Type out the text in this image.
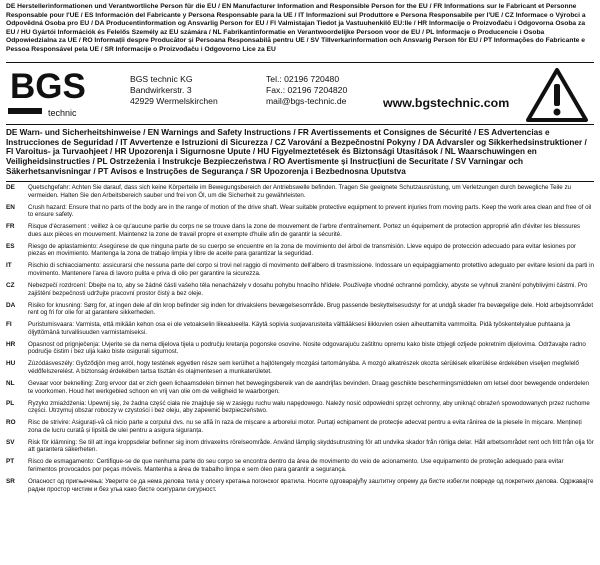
DE Herstellerinformationen und Verantwortliche Person für die EU / EN Manufacturer Information and Responsible Person for the EU / FR Informations sur le Fabricant et Personne Responsable pour l'UE / ES Información del Fabricante y Persona Responsable para la UE / IT Informazioni sul Produttore e Persona Responsabile per l'UE / CZ Informace o Výrobci a Odpovědná Osoba pro EU / DA Producentinformation og Ansvarlig Person for EU / FI Valmistajan Tiedot ja Vastuuhenkilö EU:lle / HR Informacije o Proizvođaču i Odgovorna Osoba za EU / HU Gyártói Információk és Felelős Személy az EU számára / NL Fabrikantinformatie en Verantwoordelijke Persoon voor de EU / PL Informacje o Producencie i Osoba Odpowiedzialna za UE / RO Informații despre Producător și Persoana Responsabilă pentru UE / SV Tillverkarinformation och Ansvarig Person för EU / PT Informações do Fabricante e Pessoa Responsável pela UE / SR Informacije o Proizvođaču i Odgovorno Lice za EU
BGS
technic
BGS technic KG
Bandwirkerstr. 3
42929 Wermelskirchen
Tel.: 02196 720480
Fax.: 02196 7204820
mail@bgs-technic.de	www.bgstechnic.com
DE Warn- und Sicherheitshinweise / EN Warnings and Safety Instructions / FR Avertissements et Consignes de Sécurité / ES Advertencias e Instrucciones de Seguridad / IT Avvertenze e Istruzioni di Sicurezza / CZ Varování a Bezpečnostní Pokyny / DA Advarsler og Sikkerhedsinstruktioner / FI Varoitus- ja Turvaohjeet / HR Upozorenja i Sigurnosne Upute / HU Figyelmeztetések és Biztonsági Utasítások / NL Waarschuwingen en Veiligheidsinstructies / PL Ostrzeżenia i Instrukcje Bezpieczeństwa / RO Avertismente și Instrucțiuni de Securitate / SV Varningar och Säkerhetsanvisningar / PT Avisos e Instruções de Segurança / SR Upozorenja i Bezbednosna Uputstva
DE	Quetschgefahr: Achten Sie darauf, dass sich keine Körperteile im Bewegungsbereich der Antriebswelle befinden. Tragen Sie geeignete Schutzausrüstung, um Verletzungen durch bewegliche Teile zu vermeiden. Halten Sie den Arbeitsbereich sauber und frei von Öl, um die Sicherheit zu gewährleisten.
EN	Crush hazard: Ensure that no parts of the body are in the range of motion of the drive shaft. Wear suitable protective equipment to prevent injuries from moving parts. Keep the work area clean and free of oil to ensure safety.
FR	Risque d'écrasement : veillez à ce qu'aucune partie du corps ne se trouve dans la zone de mouvement de l'arbre d'entraînement. Portez un équipement de protection approprié afin d'éviter les blessures dues aux pièces en mouvement. Maintenez la zone de travail propre et exempte d'huile afin de garantir la sécurité.
ES	Riesgo de aplastamiento: Asegúrese de que ninguna parte de su cuerpo se encuentre en la zona de movimiento del árbol de transmisión. Lleve equipo de protección adecuado para evitar lesiones por piezas en movimiento. Mantenga la zona de trabajo limpia y libre de aceite para garantizar la seguridad.
IT	Rischio di schiacciamento: assicurarsi che nessuna parte del corpo si trovi nel raggio di movimento dell'albero di trasmissione. Indossare un equipaggiamento protettivo adeguato per evitare lesioni da parti in movimento. Mantenere l'area di lavoro pulita e priva di olio per garantire la sicurezza.
CZ	Nebezpečí rozdrcení: Dbejte na to, aby se žádné části vašeho těla nenacházely v dosahu pohybu hnacího hřídele. Používejte vhodné ochranné pomůcky, abyste se vyhnuli zranění pohyblivými částmi. Pro zajištění bezpečnosti udržujte pracovní prostor čistý a bez oleje.
DA	Risiko for knusning: Sørg for, at ingen dele af din krop befinder sig inden for drivakslens bevægelsesområde. Brug passende beskyttelsesudstyr for at undgå skader fra bevægelige dele. Hold arbejdsområdet rent og fri for olie for at garantere sikkerheden.
FI	Puristumisvaara: Varmista, että mikään kehon osa ei ole vetoakselin liikealueella. Käytä sopivia suojavarusteita välttääksesi liikkuvien osien aiheuttamilta vammoilta. Pidä työskentelyalue puhtaana ja öljyttömänä turvallisuuden varmistamiseksi.
HR	Opasnost od prignječenja: Uvjerite se da nema dijelova tijela u području kretanja pogonske osovine. Nosite odgovarajuću zaštitnu opremu kako biste izbjegli ozljede pokretnim dijelovima. Održavajte radno područje čistim i bez ulja kako biste osigurali sigurnost.
HU	Zúzódásveszély: Győződjön meg arról, hogy testének egyetlen része sem kerülhet a hajtótengely mozgási tartományába. A mozgó alkatrészek okozta sérülések elkerülése érdekében viseljen megfelelő védőfelszerelést. A biztonság érdekében tartsa tisztán és olajmentesen a munkaterületet.
NL	Gevaar voor beknelling: Zorg ervoor dat er zich geen lichaamsdelen binnen het bewegingsbereik van de aandrijfas bevinden. Draag geschikte beschermingsmiddelen om letsel door bewegende onderdelen te voorkomen. Houd het werkgebied schoon en vrij van olie om de veiligheid te waarborgen.
PL	Ryzyko zmiażdżenia: Upewnij się, że żadna część ciała nie znajduje się w zasięgu ruchu wału napędowego. Należy nosić odpowiedni sprzęt ochronny, aby uniknąć obrażeń spowodowanych przez ruchome części. Utrzymuj obszar roboczy w czystości i bez oleju, aby zapewnić bezpieczeństwo.
RO	Risc de strivire: Asigurați-vă că nicio parte a corpului dvs. nu se află în raza de mișcare a arborelui motor. Purtați echipament de protecție adecvat pentru a evita rănirea de la piesele în mișcare. Mențineți zona de lucru curată și lipsită de ulei pentru a asigura siguranța.
SV	Risk för klämning: Se till att inga kroppsdelar befinner sig inom drivaxelns rörelseområde. Använd lämplig skyddsutrustning för att undvika skador från rörliga delar. Håll arbetsområdet rent och fritt från olja för att garantera säkerheten.
PT	Risco de esmagamento: Certifique-se de que nenhuma parte do seu corpo se encontra dentro da área de movimento do veio de acionamento. Use equipamento de proteção adequado para evitar ferimentos provocados por peças móveis. Mantenha a área de trabalho limpa e sem óleo para garantir a segurança.
SR	Опасност од пригњечења: Уверите се да нема делова тела у опсегу кретања погонског вратила. Носите одговарајућу заштитну опрему да бисте избегли повреде од покретних делова. Одржавајте радни простор чистим и без уља како бисте осигурали сигурност.
